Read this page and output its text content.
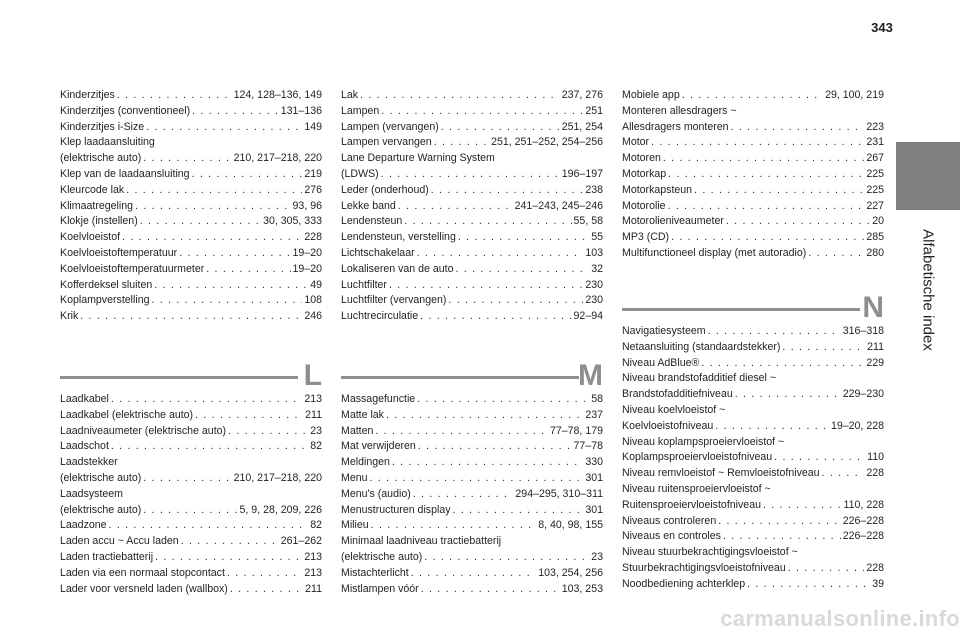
343
Alfabetische index
Kinderzitjes . . .	124, 128–136, 149
Kinderzitjes (conventioneel) . . .	131–136
Kinderzitjes i-Size . . .	149
Klep laadaansluiting
(elektrische auto) . . .	210, 217–218, 220
Klep van de laadaansluiting . . .	219
Kleurcode lak . . .	276
Klimaatregeling . . .	93, 96
Klokje (instellen) . . .	30, 305, 333
Koelvloeistof . . .	228
Koelvloeistoftemperatuur . . .	19–20
Koelvloeistoftemperatuurmeter . . .	19–20
Kofferdeksel sluiten . . .	49
Koplampverstelling . . .	108
Krik . . .	246
L
Laadkabel . . .	213
Laadkabel (elektrische auto) . . .	211
Laadniveaumeter (elektrische auto) . . .	23
Laadschot . . .	82
Laadstekker
(elektrische auto) . . .	210, 217–218, 220
Laadsysteem
(elektrische auto) . . .	5, 9, 28, 209, 226
Laadzone . . .	82
Laden accu ~ Accu laden . . .	261–262
Laden tractiebatterij . . .	213
Laden via een normaal stopcontact . . .	213
Lader voor versneld laden (wallbox) . . .	211
Lak . . .	237, 276
Lampen . . .	251
Lampen (vervangen) . . .	251, 254
Lampen vervangen . . .	251, 251–252, 254–256
Lane Departure Warning System
(LDWS) . . .	196–197
Leder (onderhoud) . . .	238
Lekke band . . .	241–243, 245–246
Lendensteun . . .	55, 58
Lendensteun, verstelling . . .	55
Lichtschakelaar . . .	103
Lokaliseren van de auto . . .	32
Luchtfilter . . .	230
Luchtfilter (vervangen) . . .	230
Luchtrecirculatie . . .	92–94
M
Massagefunctie . . .	58
Matte lak . . .	237
Matten . . .	77–78, 179
Mat verwijderen . . .	77–78
Meldingen . . .	330
Menu . . .	301
Menu's (audio) . . .	294–295, 310–311
Menustructuren display . . .	301
Milieu . . .	8, 40, 98, 155
Minimaal laadniveau tractiebatterij
(elektrische auto) . . .	23
Mistachterlicht . . .	103, 254, 256
Mistlampen vóór . . .	103, 253
Mobiele app . . .	29, 100, 219
Monteren allesdragers ~
Allesdragers monteren . . .	223
Motor . . .	231
Motoren . . .	267
Motorkap . . .	225
Motorkapsteun . . .	225
Motorolie . . .	227
Motorolieniveaumeter . . .	20
MP3 (CD) . . .	285
Multifunctioneel display (met autoradio) . . .	280
N
Navigatiesysteem . . .	316–318
Netaansluiting (standaardstekker) . . .	211
Niveau AdBlue® . . .	229
Niveau brandstofadditief diesel ~
Brandstofadditiefniveau . . .	229–230
Niveau koelvloeistof ~
Koelvloeistofniveau . . .	19–20, 228
Niveau koplampsproeiervloeistof ~
Koplampsproeiervloeistofniveau . . .	110
Niveau remvloeistof ~ Remvloeistofniveau . . .	228
Niveau ruitensproeiervloeistof ~
Ruitensproeiervloeistofniveau . . .	110, 228
Niveaus controleren . . .	226–228
Niveaus en controles . . .	226–228
Niveau stuurbekrachtigingsvloeistof ~
Stuurbekrachtigingsvloeistofniveau . . .	228
Noodbediening achterklep . . .	39
carmanualsonline.info
